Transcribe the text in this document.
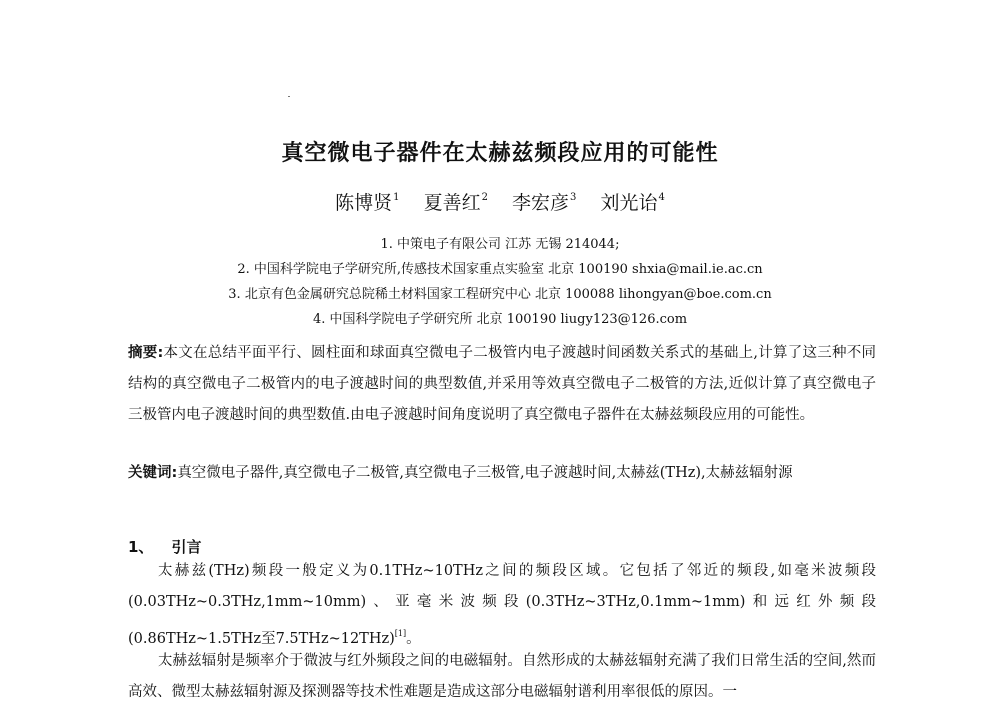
真空微电子器件在太赫兹频段应用的可能性
陈博贤$^1$ 夏善红$^2$ 李宏彦$^3$ 刘光诒$^4$
1. 中策电子有限公司 江苏 无锡 214044;
2. 中国科学院电子学研究所,传感技术国家重点实验室 北京 100190 shxia@mail.ie.ac.cn
3. 北京有色金属研究总院稀土材料国家工程研究中心 北京 100088 lihongyan@boe.com.cn
4. 中国科学院电子学研究所 北京 100190 liugy123@126.com
摘要:本文在总结平面平行、圆柱面和球面真空微电子二极管内电子渡越时间函数关系式的基础上,计算了这三种不同结构的真空微电子二极管内的电子渡越时间的典型数值,并采用等效真空微电子二极管的方法,近似计算了真空微电子三极管内电子渡越时间的典型数值.由电子渡越时间角度说明了真空微电子器件在太赫兹频段应用的可能性。
关键词:真空微电子器件,真空微电子二极管,真空微电子三极管,电子渡越时间,太赫兹(THz),太赫兹辐射源
1、 引言
太赫兹(THz)频段一般定义为0.1THz~10THz之间的频段区域。它包括了邻近的频段,如毫米波频段(0.03THz~0.3THz,1mm~10mm)、亚毫米波频段(0.3THz~3THz,0.1mm~1mm)和远红外频段(0.86THz~1.5THz至7.5THz~12THz)[1]。
太赫兹辐射是频率介于微波与红外频段之间的电磁辐射。自然形成的太赫兹辐射充满了我们日常生活的空间,然而高效、微型太赫兹辐射源及探测器等技术性难题是造成这部分电磁辐射谱利用率很低的原因。一
